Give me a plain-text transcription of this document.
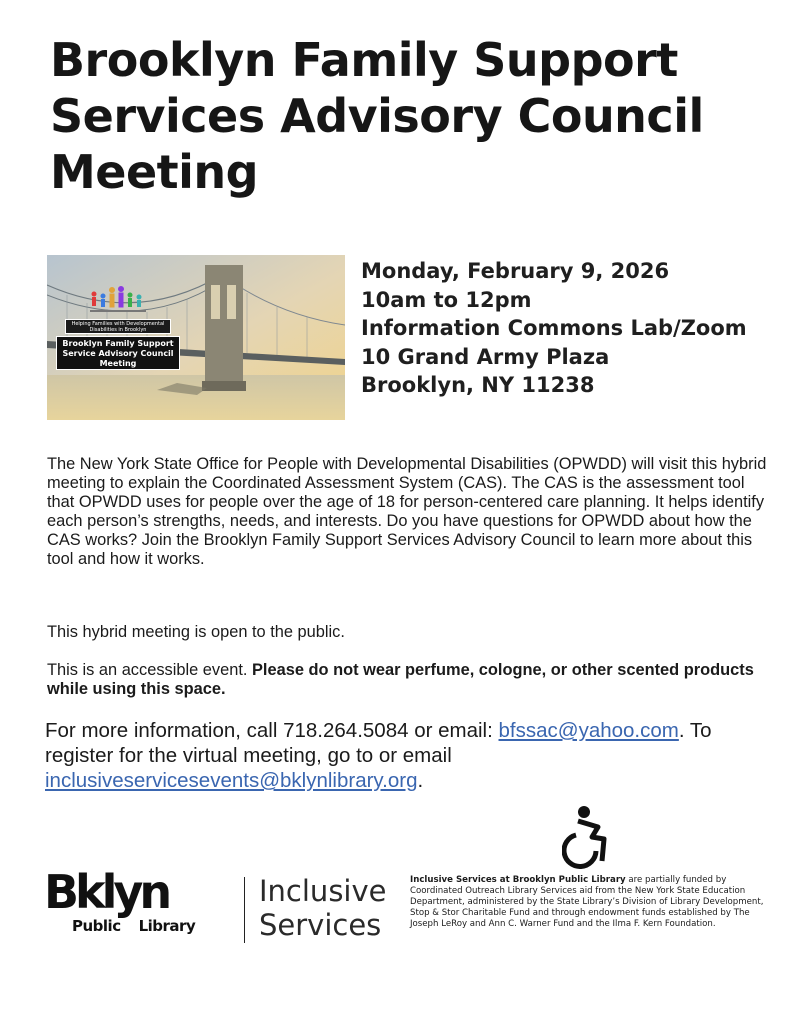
Brooklyn Family Support
Services Advisory Council
Meeting
Helping Families with Developmental Disabilities in Brooklyn
Brooklyn Family Support Service Advisory Council Meeting
Monday, February 9, 2026
10am to 12pm
Information Commons Lab/Zoom
10 Grand Army Plaza
Brooklyn, NY 11238
The New York State Office for People with Developmental Disabilities (OPWDD) will visit this hybrid meeting to explain the Coordinated Assessment System (CAS). The CAS is the assessment tool that OPWDD uses for people over the age of 18 for person-centered care planning. It helps identify each person’s strengths, needs, and interests. Do you have questions for OPWDD about how the CAS works? Join the Brooklyn Family Support Services Advisory Council to learn more about this tool and how it works.
This hybrid meeting is open to the public.
This is an accessible event. Please do not wear perfume, cologne, or other scented products while using this space.
For more information, call 718.264.5084 or email: bfssac@yahoo.com. To register for the virtual meeting, go to or email inclusiveservicesevents@bklynlibrary.org.
Bklyn
Public Library
Inclusive
Services
Inclusive Services at Brooklyn Public Library are partially funded by Coordinated Outreach Library Services aid from the New York State Education Department, administered by the State Library’s Division of Library Development, Stop & Stor Charitable Fund and through endowment funds established by The Joseph LeRoy and Ann C. Warner Fund and the Ilma F. Kern Foundation.
